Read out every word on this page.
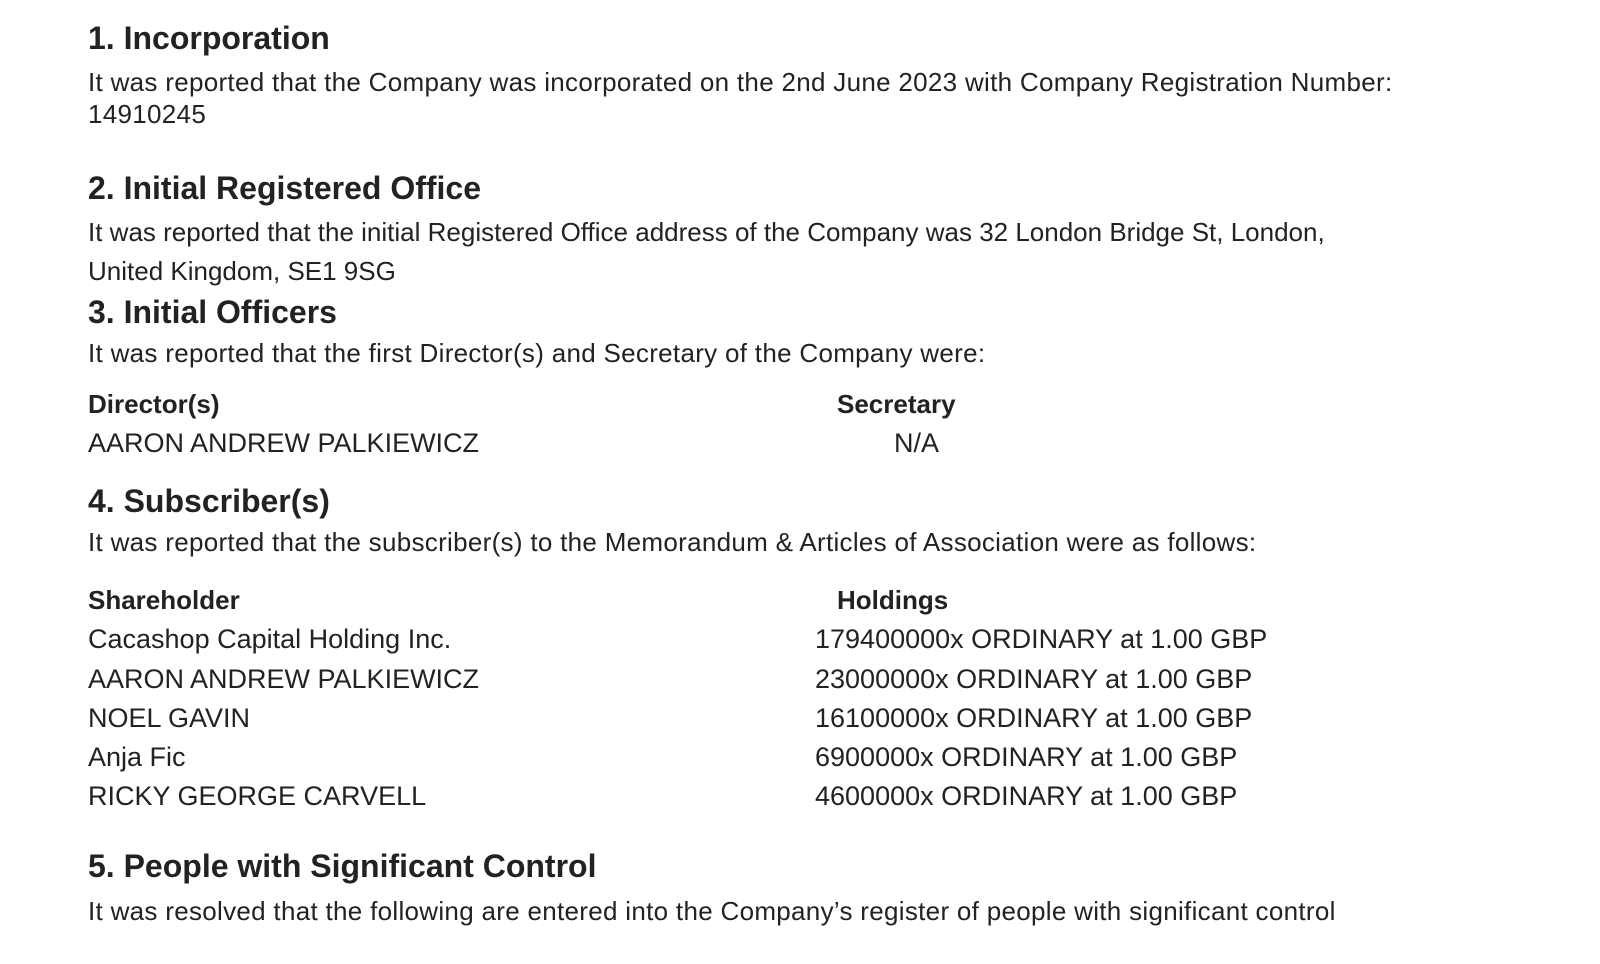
1. Incorporation
It was reported that the Company was incorporated on the 2nd June 2023 with Company Registration Number:
14910245
2. Initial Registered Office
It was reported that the initial Registered Office address of the Company was 32 London Bridge St, London,
United Kingdom, SE1 9SG
3. Initial Officers
It was reported that the first Director(s) and Secretary of the Company were:
Director(s)	Secretary
AARON ANDREW PALKIEWICZ	N/A
4. Subscriber(s)
It was reported that the subscriber(s) to the Memorandum & Articles of Association were as follows:
Shareholder	Holdings
Cacashop Capital Holding Inc.	179400000x ORDINARY at 1.00 GBP
AARON ANDREW PALKIEWICZ	23000000x ORDINARY at 1.00 GBP
NOEL GAVIN	16100000x ORDINARY at 1.00 GBP
Anja Fic	6900000x ORDINARY at 1.00 GBP
RICKY GEORGE CARVELL	4600000x ORDINARY at 1.00 GBP
5. People with Significant Control
It was resolved that the following are entered into the Company’s register of people with significant control
